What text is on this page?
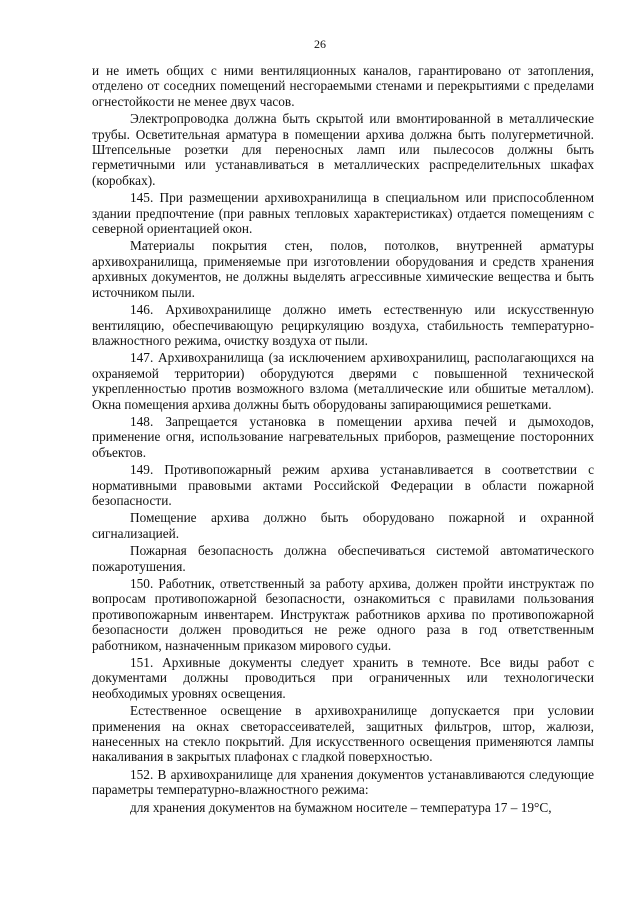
26

и не иметь общих с ними вентиляционных каналов, гарантировано от затопления, отделено от соседних помещений несгораемыми стенами и перекрытиями с пределами огнестойкости не менее двух часов.

Электропроводка должна быть скрытой или вмонтированной в металлические трубы. Осветительная арматура в помещении архива должна быть полугерметичной. Штепсельные розетки для переносных ламп или пылесосов должны быть герметичными или устанавливаться в металлических распределительных шкафах (коробках).

145. При размещении архивохранилища в специальном или приспособленном здании предпочтение (при равных тепловых характеристиках) отдается помещениям с северной ориентацией окон.

Материалы покрытия стен, полов, потолков, внутренней арматуры архивохранилища, применяемые при изготовлении оборудования и средств хранения архивных документов, не должны выделять агрессивные химические вещества и быть источником пыли.

146. Архивохранилище должно иметь естественную или искусственную вентиляцию, обеспечивающую рециркуляцию воздуха, стабильность температурно-влажностного режима, очистку воздуха от пыли.

147. Архивохранилища (за исключением архивохранилищ, располагающихся на охраняемой территории) оборудуются дверями с повышенной технической укрепленностью против возможного взлома (металлические или обшитые металлом). Окна помещения архива должны быть оборудованы запирающимися решетками.

148. Запрещается установка в помещении архива печей и дымоходов, применение огня, использование нагревательных приборов, размещение посторонних объектов.

149. Противопожарный режим архива устанавливается в соответствии с нормативными правовыми актами Российской Федерации в области пожарной безопасности.

Помещение архива должно быть оборудовано пожарной и охранной сигнализацией.

Пожарная безопасность должна обеспечиваться системой автоматического пожаротушения.

150. Работник, ответственный за работу архива, должен пройти инструктаж по вопросам противопожарной безопасности, ознакомиться с правилами пользования противопожарным инвентарем. Инструктаж работников архива по противопожарной безопасности должен проводиться не реже одного раза в год ответственным работником, назначенным приказом мирового судьи.

151. Архивные документы следует хранить в темноте. Все виды работ с документами должны проводиться при ограниченных или технологически необходимых уровнях освещения.

Естественное освещение в архивохранилище допускается при условии применения на окнах светорассеивателей, защитных фильтров, штор, жалюзи, нанесенных на стекло покрытий. Для искусственного освещения применяются лампы накаливания в закрытых плафонах с гладкой поверхностью.

152. В архивохранилище для хранения документов устанавливаются следующие параметры температурно-влажностного режима:

для хранения документов на бумажном носителе – температура 17 – 19°C,
